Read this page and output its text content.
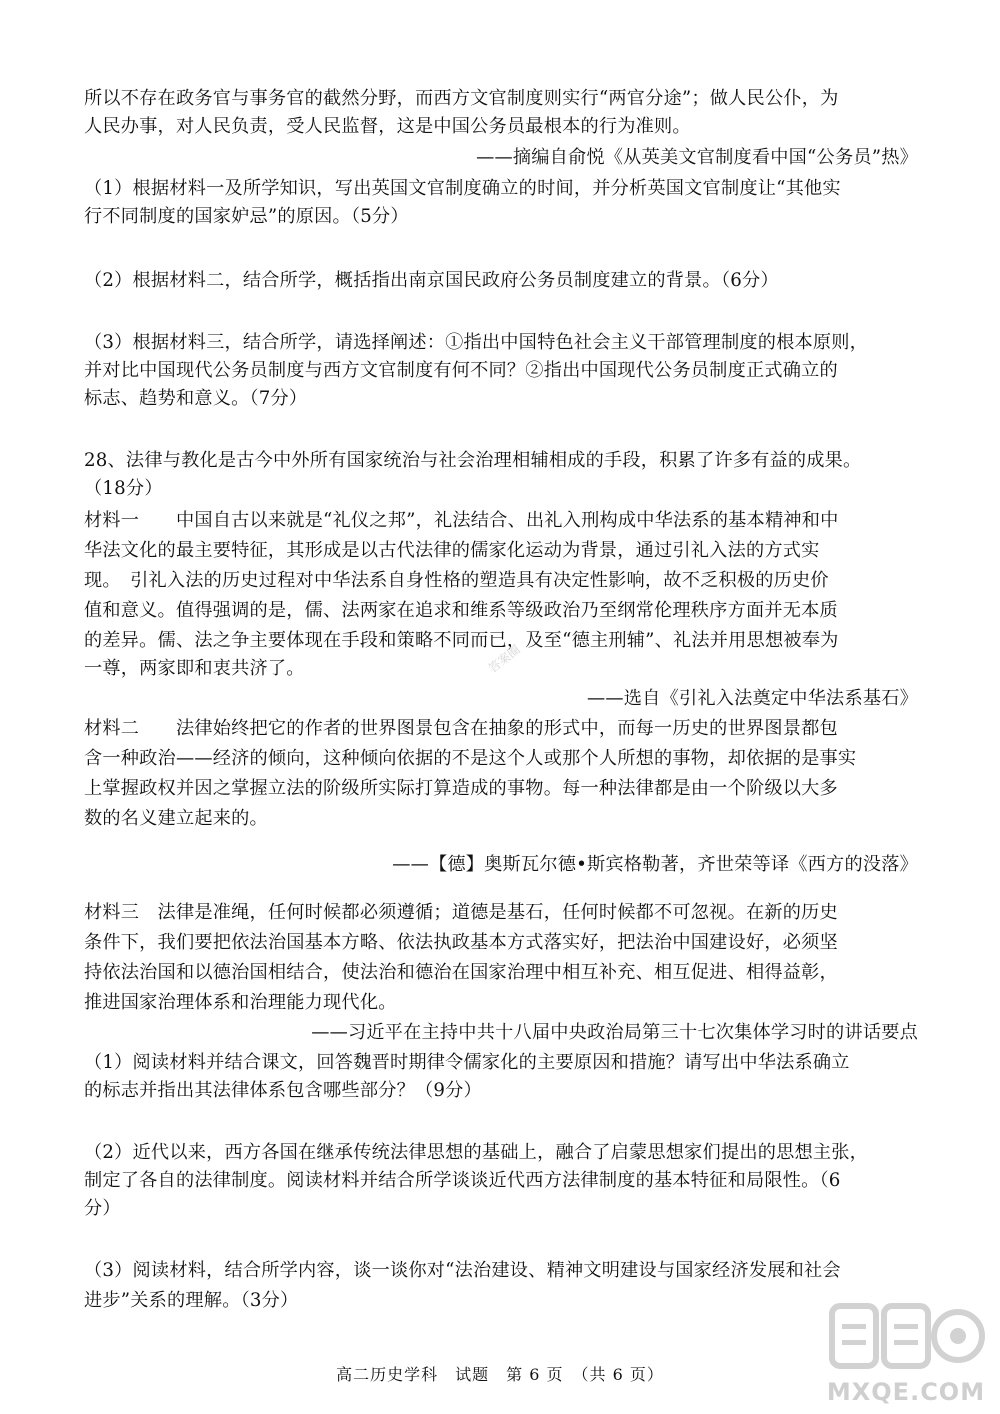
所以不存在政务官与事务官的截然分野，而西方文官制度则实行“两官分途”；做人民公仆，为
人民办事，对人民负责，受人民监督，这是中国公务员最根本的行为准则。
——摘编自俞悦《从英美文官制度看中国“公务员”热》
（1）根据材料一及所学知识，写出英国文官制度确立的时间，并分析英国文官制度让“其他实
行不同制度的国家妒忌”的原因。（5分）
（2）根据材料二，结合所学，概括指出南京国民政府公务员制度建立的背景。（6分）
（3）根据材料三，结合所学，请选择阐述：①指出中国特色社会主义干部管理制度的根本原则，
并对比中国现代公务员制度与西方文官制度有何不同？②指出中国现代公务员制度正式确立的
标志、趋势和意义。（7分）
28、法律与教化是古今中外所有国家统治与社会治理相辅相成的手段，积累了许多有益的成果。
（18分）
材料一　　中国自古以来就是“礼仪之邦”，礼法结合、出礼入刑构成中华法系的基本精神和中
华法文化的最主要特征，其形成是以古代法律的儒家化运动为背景，通过引礼入法的方式实
现。　引礼入法的历史过程对中华法系自身性格的塑造具有决定性影响，故不乏积极的历史价
值和意义。值得强调的是，儒、法两家在追求和维系等级政治乃至纲常伦理秩序方面并无本质
的差异。儒、法之争主要体现在手段和策略不同而已，及至“德主刑辅”、礼法并用思想被奉为
一尊，两家即和衷共济了。
——选自《引礼入法奠定中华法系基石》
材料二　　法律始终把它的作者的世界图景包含在抽象的形式中，而每一历史的世界图景都包
含一种政治——经济的倾向，这种倾向依据的不是这个人或那个人所想的事物，却依据的是事实
上掌握政权并因之掌握立法的阶级所实际打算造成的事物。每一种法律都是由一个阶级以大多
数的名义建立起来的。
——【德】奥斯瓦尔德•斯宾格勒著，齐世荣等译《西方的没落》
材料三　法律是准绳，任何时候都必须遵循；道德是基石，任何时候都不可忽视。在新的历史
条件下，我们要把依法治国基本方略、依法执政基本方式落实好，把法治中国建设好，必须坚
持依法治国和以德治国相结合，使法治和德治在国家治理中相互补充、相互促进、相得益彰，
推进国家治理体系和治理能力现代化。
——习近平在主持中共十八届中央政治局第三十七次集体学习时的讲话要点
（1）阅读材料并结合课文，回答魏晋时期律令儒家化的主要原因和措施？请写出中华法系确立
的标志并指出其法律体系包含哪些部分？（9分）
（2）近代以来，西方各国在继承传统法律思想的基础上，融合了启蒙思想家们提出的思想主张，
制定了各自的法律制度。阅读材料并结合所学谈谈近代西方法律制度的基本特征和局限性。（6
分）
（3）阅读材料，结合所学内容，谈一谈你对“法治建设、精神文明建设与国家经济发展和社会
进步”关系的理解。（3分）
高二历史学科　试题　第 6 页　（共 6 页）
答案圈
MXQE.COM
